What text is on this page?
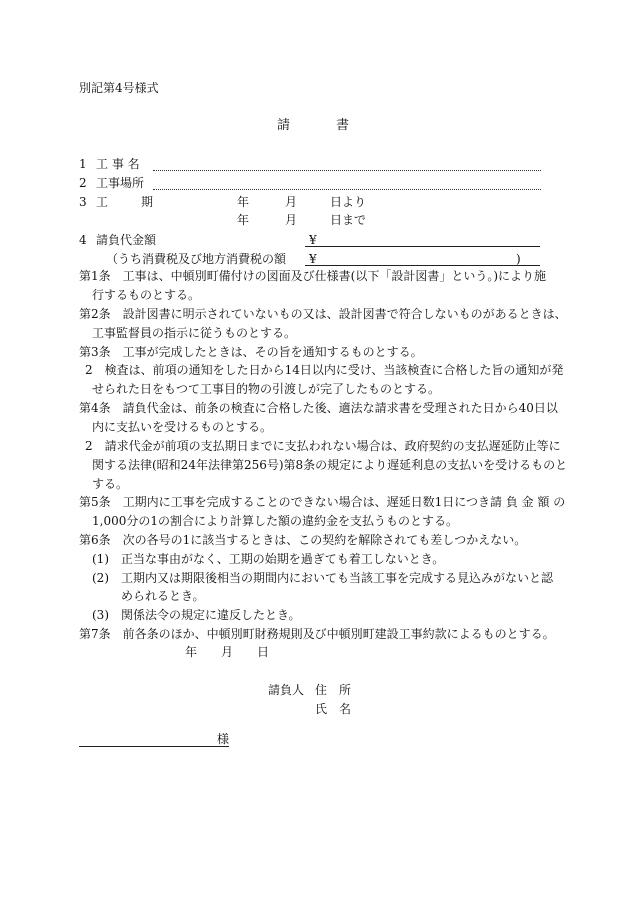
別記第4号様式
請	書
1 工 事 名
2 工事場所
3 工	期	年	月	日より
年	月	日まで
4 請負代金額	¥
（うち消費税及び地方消費税の額 ¥	)
第1条　工事は、中頓別町備付けの図面及び仕様書(以下「設計図書」という。)により施
行するものとする。
第2条　設計図書に明示されていないもの又は、設計図書で符合しないものがあるときは、
工事監督員の指示に従うものとする。
第3条　工事が完成したときは、その旨を通知するものとする。
2　検査は、前項の通知をした日から14日以内に受け、当該検査に合格した旨の通知が発
せられた日をもつて工事目的物の引渡しが完了したものとする。
第4条　請負代金は、前条の検査に合格した後、適法な請求書を受理された日から40日以
内に支払いを受けるものとする。
2　請求代金が前項の支払期日までに支払われない場合は、政府契約の支払遅延防止等に
関する法律(昭和24年法律第256号)第8条の規定により遅延利息の支払いを受けるものと
する。
第5条　工期内に工事を完成することのできない場合は、遅延日数1日につき請 負 金 額 の
1,000分の1の割合により計算した額の違約金を支払うものとする。
第6条　次の各号の1に該当するときは、この契約を解除されても差しつかえない。
(1)　正当な事由がなく、工期の始期を過ぎても着工しないとき。
(2)　工期内又は期限後相当の期間内においても当該工事を完成する見込みがないと認
められるとき。
(3)　関係法令の規定に違反したとき。
第7条　前各条のほか、中頓別町財務規則及び中頓別町建設工事約款によるものとする。
年 月 日
請負人 住　所
氏　名
様
